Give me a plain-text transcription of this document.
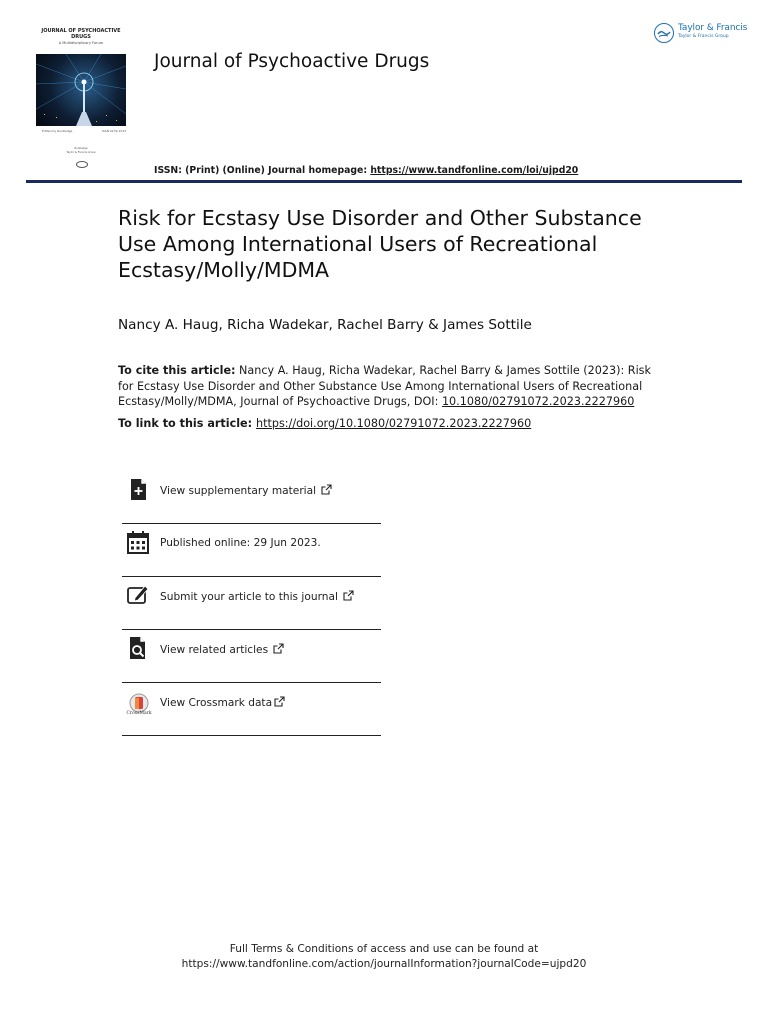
JOURNAL OF PSYCHOACTIVE DRUGS
A Multidisciplinary Forum
Edited by Routledge	ISSN 0279-1072
Routledge
Taylor & Francis Group
Journal of Psychoactive Drugs
Taylor & Francis
Taylor & Francis Group
ISSN: (Print) (Online) Journal homepage: https://www.tandfonline.com/loi/ujpd20
Risk for Ecstasy Use Disorder and Other Substance Use Among International Users of Recreational Ecstasy/Molly/MDMA
Nancy A. Haug, Richa Wadekar, Rachel Barry & James Sottile
To cite this article: Nancy A. Haug, Richa Wadekar, Rachel Barry & James Sottile (2023): Risk for Ecstasy Use Disorder and Other Substance Use Among International Users of Recreational Ecstasy/Molly/MDMA, Journal of Psychoactive Drugs, DOI: 10.1080/02791072.2023.2227960
To link to this article: https://doi.org/10.1080/02791072.2023.2227960
View supplementary material
Published online: 29 Jun 2023.
Submit your article to this journal
View related articles
CrossMark
View Crossmark data
Full Terms & Conditions of access and use can be found at
https://www.tandfonline.com/action/journalInformation?journalCode=ujpd20
